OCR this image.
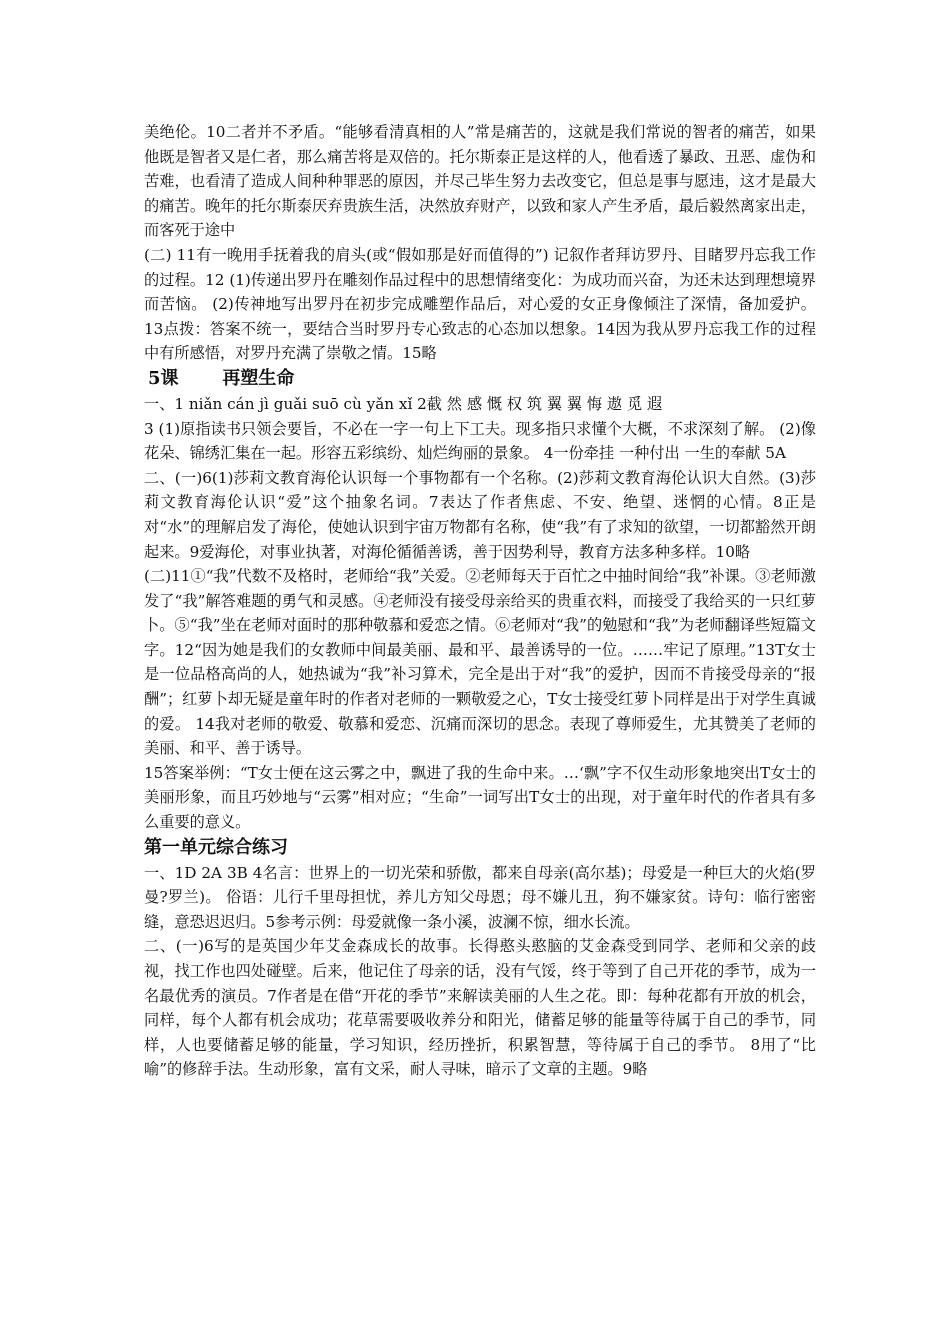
美绝伦。10二者并不矛盾。“能够看清真相的人”常是痛苦的，这就是我们常说的智者的痛苦，如果他既是智者又是仁者，那么痛苦将是双倍的。托尔斯泰正是这样的人，他看透了暴政、丑恶、虚伪和苦难，也看清了造成人间种种罪恶的原因，并尽己毕生努力去改变它，但总是事与愿违，这才是最大的痛苦。晚年的托尔斯泰厌弃贵族生活，决然放弃财产，以致和家人产生矛盾，最后毅然离家出走，而客死于途中

(二) 11有一晚用手抚着我的肩头(或“假如那是好而值得的”) 记叙作者拜访罗丹、目睹罗丹忘我工作的过程。12 (1)传递出罗丹在雕刻作品过程中的思想情绪变化：为成功而兴奋，为还未达到理想境界而苦恼。 (2)传神地写出罗丹在初步完成雕塑作品后，对心爱的女正身像倾注了深情，备加爱护。 13点拨：答案不统一，要结合当时罗丹专心致志的心态加以想象。14因为我从罗丹忘我工作的过程中有所感悟，对罗丹充满了崇敬之情。15略

5课       再塑生命

一、1 niǎn cán jì guǎi suō cù yǎn xǐ 2截 然 感 慨 权 筑 翼 翼 悔 遨 觅 遐

3 (1)原指读书只领会要旨，不必在一字一句上下工夫。现多指只求懂个大概，不求深刻了解。 (2)像花朵、锦绣汇集在一起。形容五彩缤纷、灿烂绚丽的景象。 4一份牵挂 一种付出 一生的奉献 5A

二、(一)6(1)莎莉文教育海伦认识每一个事物都有一个名称。(2)莎莉文教育海伦认识大自然。(3)莎莉文教育海伦认识“爱”这个抽象名词。7表达了作者焦虑、不安、绝望、迷惘的心情。8正是对“水”的理解启发了海伦，使她认识到宇宙万物都有名称，使“我”有了求知的欲望，一切都豁然开朗起来。9爱海伦，对事业执著，对海伦循循善诱，善于因势利导，教育方法多种多样。10略

(二)11①“我”代数不及格时，老师给“我”关爱。②老师每天于百忙之中抽时间给“我”补课。③老师激发了“我”解答难题的勇气和灵感。④老师没有接受母亲给买的贵重衣料，而接受了我给买的一只红萝卜。⑤“我”坐在老师对面时的那种敬慕和爱恋之情。⑥老师对“我”的勉慰和“我”为老师翻译些短篇文字。12“因为她是我们的女教师中间最美丽、最和平、最善诱导的一位。……牢记了原理。”13T女士是一位品格高尚的人，她热诚为“我”补习算术，完全是出于对“我”的爱护，因而不肯接受母亲的“报酬”；红萝卜却无疑是童年时的作者对老师的一颗敬爱之心，T女士接受红萝卜同样是出于对学生真诚的爱。 14我对老师的敬爱、敬慕和爱恋、沉痛而深切的思念。表现了尊师爱生，尤其赞美了老师的美丽、和平、善于诱导。

15答案举例：“T女士便在这云雾之中，飘进了我的生命中来。…‘飘”字不仅生动形象地突出T女士的美丽形象，而且巧妙地与“云雾”相对应；“生命”一词写出T女士的出现，对于童年时代的作者具有多么重要的意义。

第一单元综合练习

一、1D 2A 3B 4名言：世界上的一切光荣和骄傲，都来自母亲(高尔基)；母爱是一种巨大的火焰(罗曼?罗兰)。 俗语：儿行千里母担忧，养儿方知父母恩；母不嫌儿丑，狗不嫌家贫。诗句：临行密密缝，意恐迟迟归。5参考示例：母爱就像一条小溪，波澜不惊，细水长流。

二、(一)6写的是英国少年艾金森成长的故事。长得憨头憨脑的艾金森受到同学、老师和父亲的歧视，找工作也四处碰壁。后来，他记住了母亲的话，没有气馁，终于等到了自己开花的季节，成为一名最优秀的演员。7作者是在借“开花的季节”来解读美丽的人生之花。即：每种花都有开放的机会，同样，每个人都有机会成功；花草需要吸收养分和阳光，储蓄足够的能量等待属于自己的季节，同样，人也要储蓄足够的能量，学习知识，经历挫折，积累智慧，等待属于自己的季节。 8用了“比喻”的修辞手法。生动形象，富有文采，耐人寻味，暗示了文章的主题。9略
